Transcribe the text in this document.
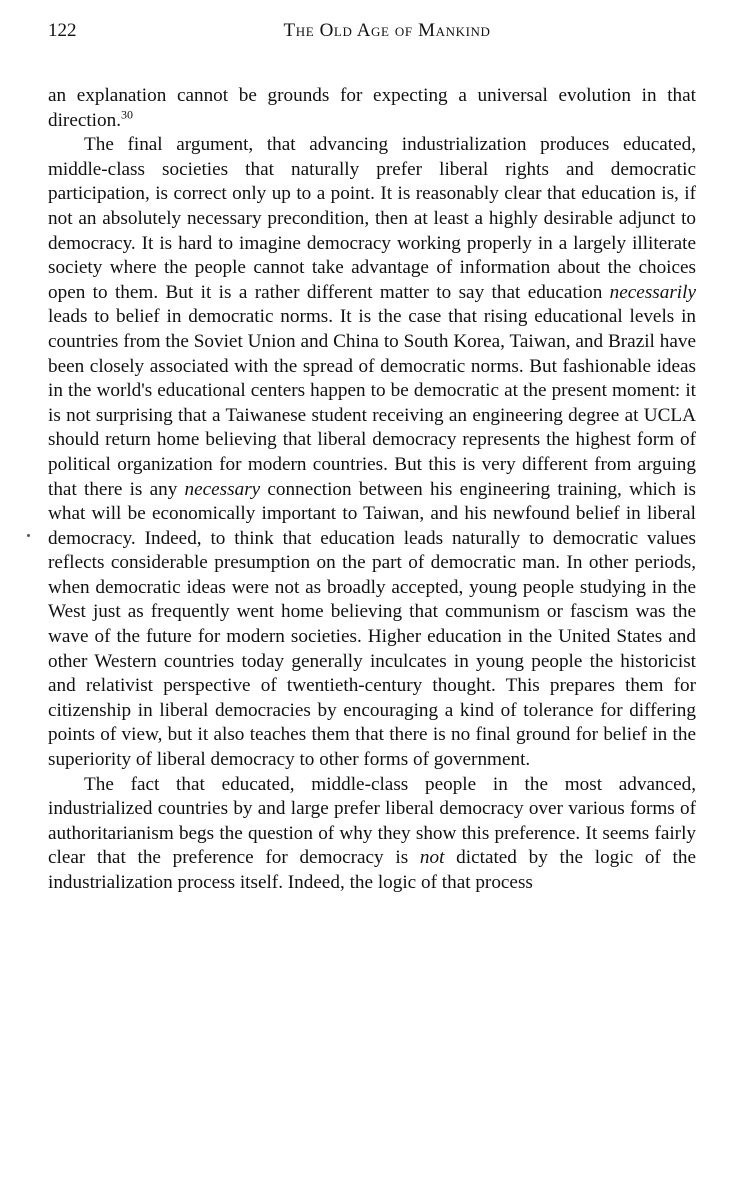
122	The Old Age of Mankind

an explanation cannot be grounds for expecting a universal evolution in that direction.$^{30}$

The final argument, that advancing industrialization produces educated, middle-class societies that naturally prefer liberal rights and democratic participation, is correct only up to a point. It is reasonably clear that education is, if not an absolutely necessary precondition, then at least a highly desirable adjunct to democracy. It is hard to imagine democracy working properly in a largely illiterate society where the people cannot take advantage of information about the choices open to them. But it is a rather different matter to say that education necessarily leads to belief in democratic norms. It is the case that rising educational levels in countries from the Soviet Union and China to South Korea, Taiwan, and Brazil have been closely associated with the spread of democratic norms. But fashionable ideas in the world's educational centers happen to be democratic at the present moment: it is not surprising that a Taiwanese student receiving an engineering degree at UCLA should return home believing that liberal democracy represents the highest form of political organization for modern countries. But this is very different from arguing that there is any necessary connection between his engineering training, which is what will be economically important to Taiwan, and his newfound belief in liberal democracy. Indeed, to think that education leads naturally to democratic values reflects considerable presumption on the part of democratic man. In other periods, when democratic ideas were not as broadly accepted, young people studying in the West just as frequently went home believing that communism or fascism was the wave of the future for modern societies. Higher education in the United States and other Western countries today generally inculcates in young people the historicist and relativist perspective of twentieth-century thought. This prepares them for citizenship in liberal democracies by encouraging a kind of tolerance for differing points of view, but it also teaches them that there is no final ground for belief in the superiority of liberal democracy to other forms of government.

The fact that educated, middle-class people in the most advanced, industrialized countries by and large prefer liberal democracy over various forms of authoritarianism begs the question of why they show this preference. It seems fairly clear that the preference for democracy is not dictated by the logic of the industrialization process itself. Indeed, the logic of that process
